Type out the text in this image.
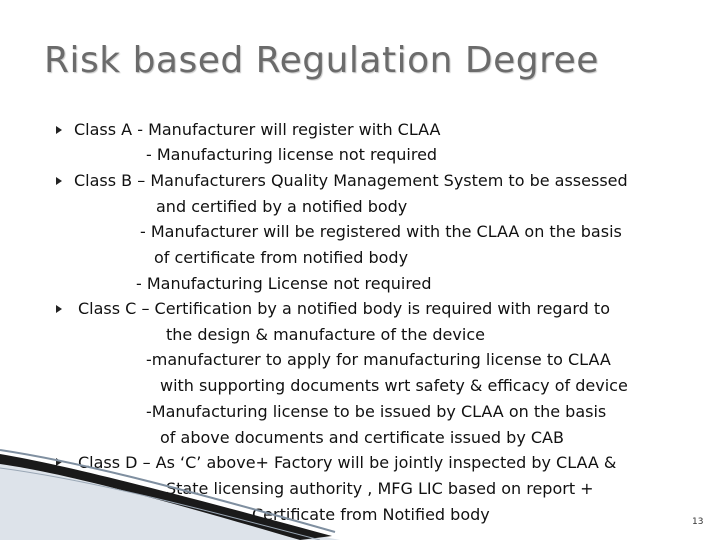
Risk based Regulation Degree
Class A - Manufacturer will register with CLAA
- Manufacturing license not required
Class B – Manufacturers Quality Management System to be assessed
and certified by a notified body
- Manufacturer will be registered with the CLAA on the basis
of certificate from notified body
- Manufacturing License not required
Class C – Certification by a notified body is required with regard to
the design & manufacture of the device
-manufacturer to apply for manufacturing license to CLAA
with supporting documents wrt safety & efficacy of device
-Manufacturing license to be issued by CLAA on the basis
of above documents and certificate issued by CAB
Class D – As ‘C’ above+ Factory will be jointly inspected by CLAA &
State licensing authority , MFG LIC based on report +
Certificate from Notified body	13
